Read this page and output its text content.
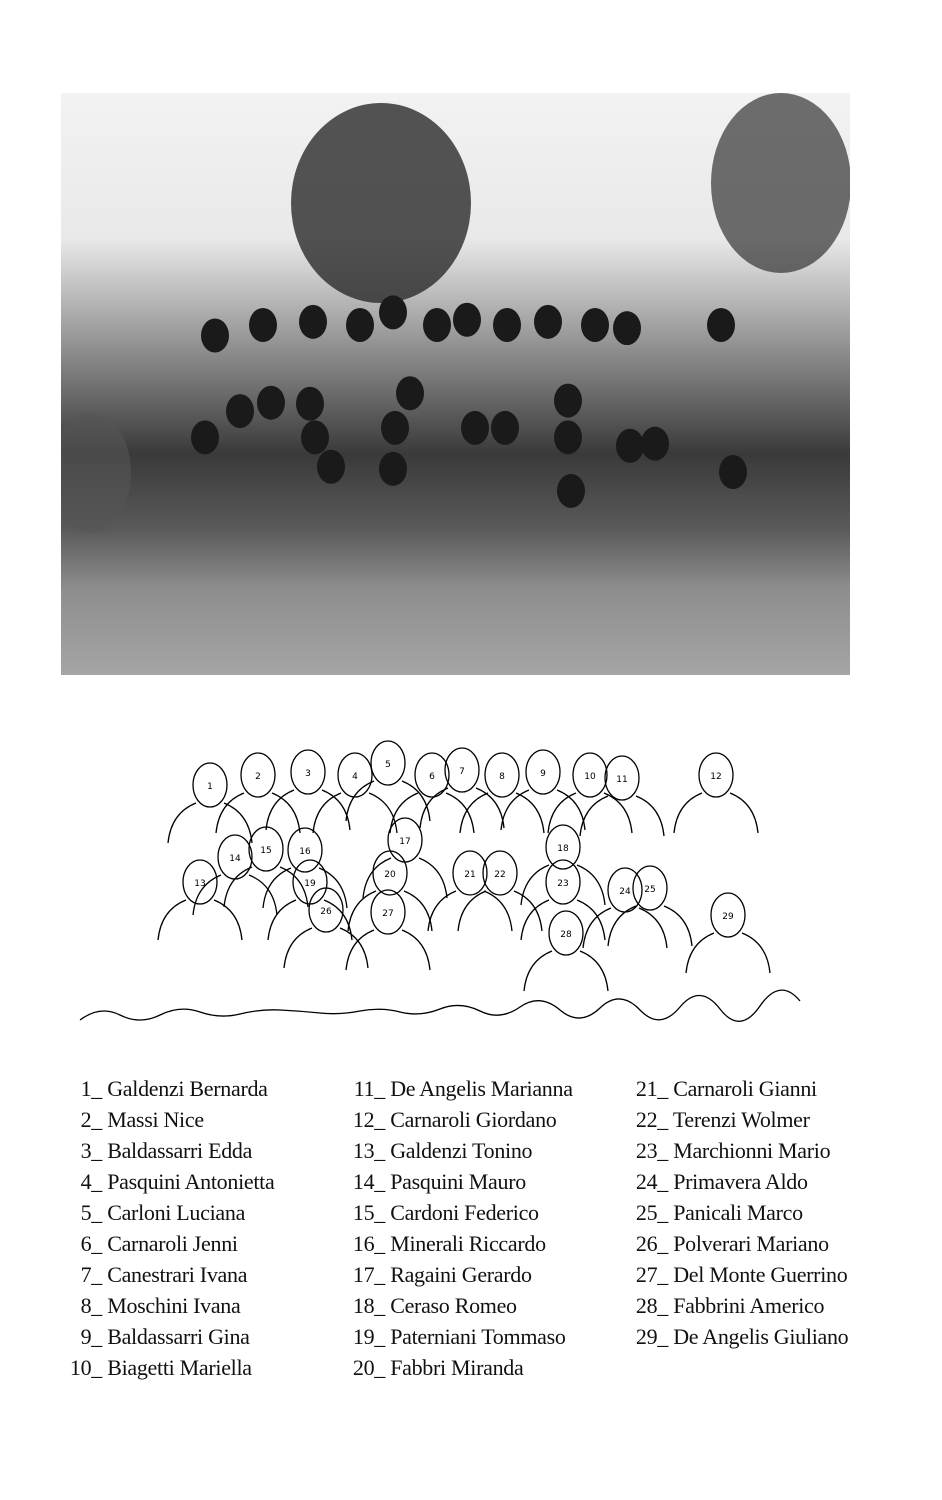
1
2	3	4
5
6	7	8	9	10 11	12
13
14
15	16
17
18
19
20	21 22
23
24 25
26	27
28
29
1_ Galdenzi Bernarda
2_ Massi Nice
3_ Baldassarri Edda
4_ Pasquini Antonietta
5_ Carloni Luciana
6_ Carnaroli Jenni
7_ Canestrari Ivana
8_ Moschini Ivana
9_ Baldassarri Gina
10_ Biagetti Mariella
11_ De Angelis Marianna
12_ Carnaroli Giordano
13_ Galdenzi Tonino
14_ Pasquini Mauro
15_ Cardoni Federico
16_ Minerali Riccardo
17_ Ragaini Gerardo
18_ Ceraso Romeo
19_ Paterniani Tommaso
20_ Fabbri Miranda
21_ Carnaroli Gianni
22_ Terenzi Wolmer
23_ Marchionni Mario
24_ Primavera Aldo
25_ Panicali Marco
26_ Polverari Mariano
27_ Del Monte Guerrino
28_ Fabbrini Americo
29_ De Angelis Giuliano
